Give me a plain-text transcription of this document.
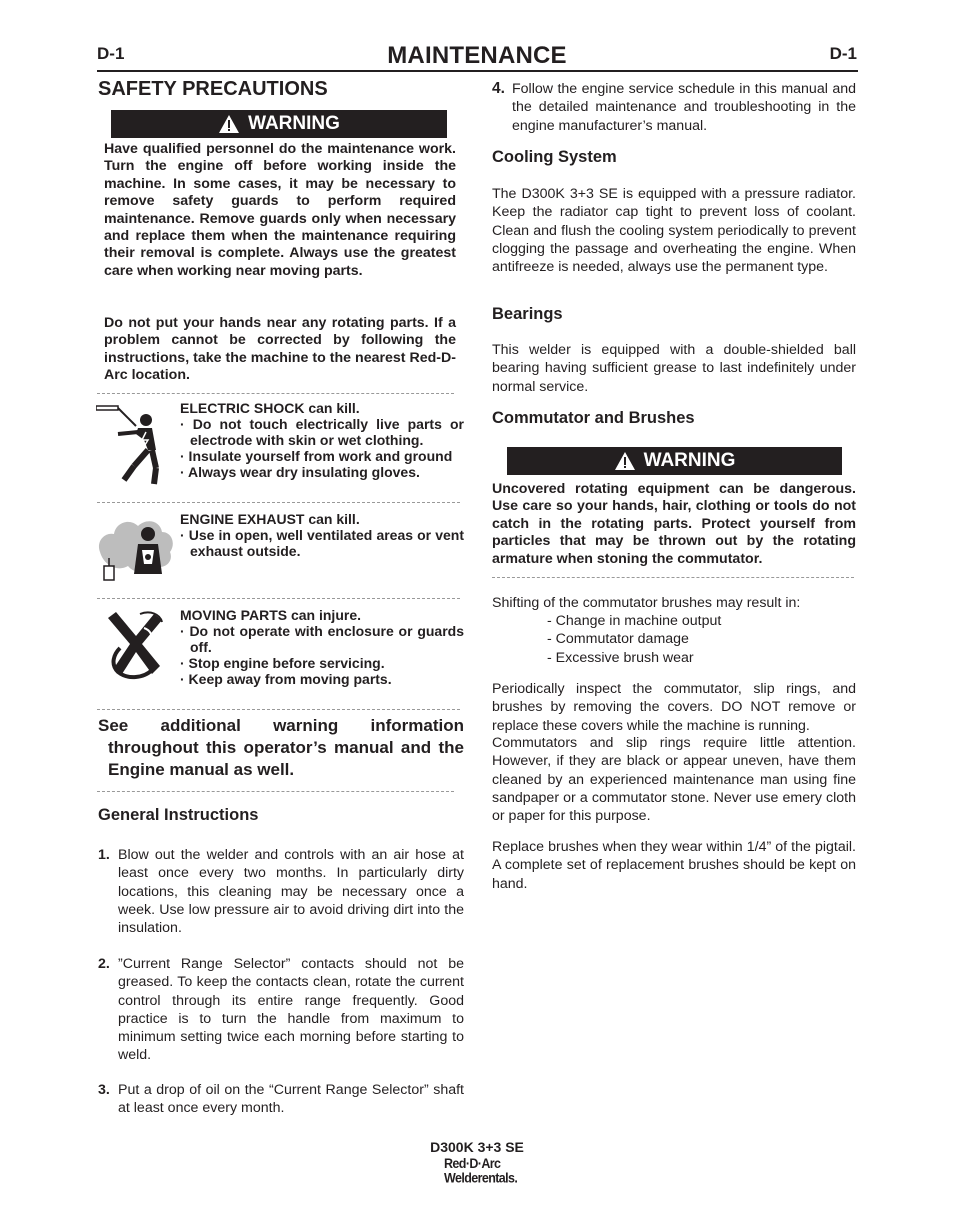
D-1	MAINTENANCE	D-1
SAFETY PRECAUTIONS
WARNING
Have qualified personnel do the maintenance work. Turn the engine off before working inside the machine. In some cases, it may be necessary to remove safety guards to perform required maintenance. Remove guards only when necessary and replace them when the maintenance requiring their removal is complete. Always use the greatest care when working near moving parts.
Do not put your hands near any rotating parts. If a problem cannot be corrected by following the instructions, take the machine to the nearest Red-D-Arc location.
ELECTRIC SHOCK can kill.
· Do not touch electrically live parts or electrode with skin or wet clothing.
· Insulate yourself from work and ground
· Always wear dry insulating gloves.
ENGINE EXHAUST can kill.
· Use in open, well ventilated areas or vent exhaust outside.
MOVING PARTS can injure.
· Do not operate with enclosure or guards off.
· Stop engine before servicing.
· Keep away from moving parts.
See additional warning information throughout this operator’s manual and the Engine manual as well.
General Instructions
1. Blow out the welder and controls with an air hose at least once every two months. In particularly dirty locations, this cleaning may be necessary once a week. Use low pressure air to avoid driving dirt into the insulation.
2. ”Current Range Selector” contacts should not be greased. To keep the contacts clean, rotate the current control through its entire range frequently. Good practice is to turn the handle from maximum to minimum setting twice each morning before starting to weld.
3. Put a drop of oil on the “Current Range Selector” shaft at least once every month.
4. Follow the engine service schedule in this manual and the detailed maintenance and troubleshooting in the engine manufacturer’s manual.
Cooling System
The D300K 3+3 SE is equipped with a pressure radiator. Keep the radiator cap tight to prevent loss of coolant. Clean and flush the cooling system periodically to prevent clogging the passage and overheating the engine. When antifreeze is needed, always use the permanent type.
Bearings
This welder is equipped with a double-shielded ball bearing having sufficient grease to last indefinitely under normal service.
Commutator and Brushes
WARNING
Uncovered rotating equipment can be dangerous. Use care so your hands, hair, clothing or tools do not catch in the rotating parts. Protect yourself from particles that may be thrown out by the rotating armature when stoning the commutator.
Shifting of the commutator brushes may result in:
- Change in machine output
- Commutator damage
- Excessive brush wear
Periodically inspect the commutator, slip rings, and brushes by removing the covers. DO NOT remove or replace these covers while the machine is running.
Commutators and slip rings require little attention. However, if they are black or appear uneven, have them cleaned by an experienced maintenance man using fine sandpaper or a commutator stone. Never use emery cloth or paper for this purpose.
Replace brushes when they wear within 1/4” of the pigtail. A complete set of replacement brushes should be kept on hand.
D300K 3+3 SE
Red·D·Arc
Welderentals.
